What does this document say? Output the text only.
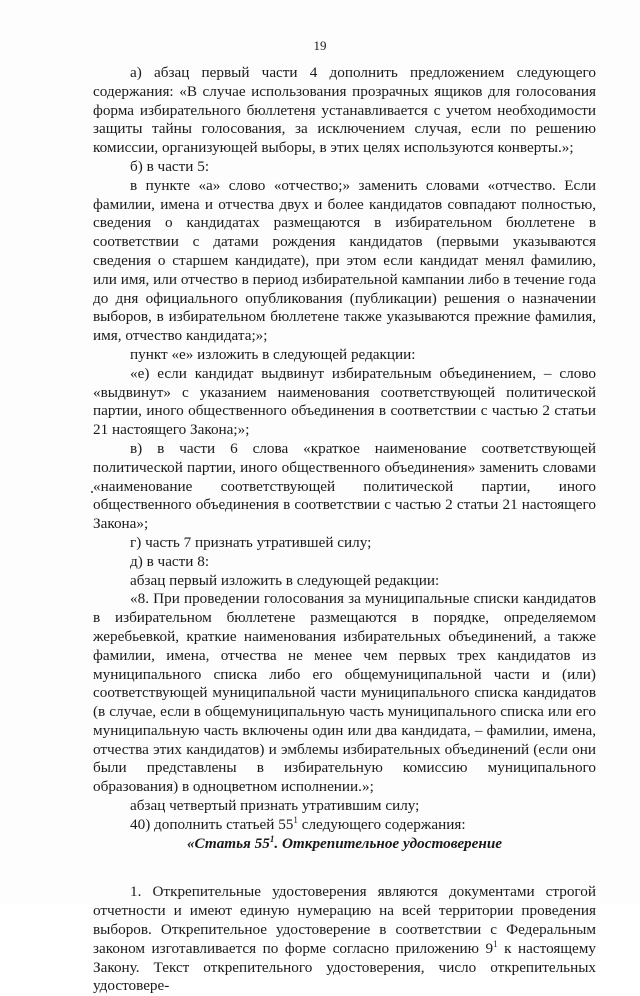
19

а) абзац первый части 4 дополнить предложением следующего содержания: «В случае использования прозрачных ящиков для голосования форма избирательного бюллетеня устанавливается с учетом необходимости защиты тайны голосования, за исключением случая, если по решению комиссии, организующей выборы, в этих целях используются конверты.»;

б) в части 5:

в пункте «а» слово «отчество;» заменить словами «отчество. Если фамилии, имена и отчества двух и более кандидатов совпадают полностью, сведения о кандидатах размещаются в избирательном бюллетене в соответствии с датами рождения кандидатов (первыми указываются сведения о старшем кандидате), при этом если кандидат менял фамилию, или имя, или отчество в период избирательной кампании либо в течение года до дня официального опубликования (публикации) решения о назначении выборов, в избирательном бюллетене также указываются прежние фамилия, имя, отчество кандидата;»;

пункт «е» изложить в следующей редакции:

«е) если кандидат выдвинут избирательным объединением, – слово «выдвинут» с указанием наименования соответствующей политической партии, иного общественного объединения в соответствии с частью 2 статьи 21 настоящего Закона;»;

в) в части 6 слова «краткое наименование соответствующей политической партии, иного общественного объединения» заменить словами «наименование соответствующей политической партии, иного общественного объединения в соответствии с частью 2 статьи 21 настоящего Закона»;

г) часть 7 признать утратившей силу;

д) в части 8:

абзац первый изложить в следующей редакции:

«8. При проведении голосования за муниципальные списки кандидатов в избирательном бюллетене размещаются в порядке, определяемом жеребьевкой, краткие наименования избирательных объединений, а также фамилии, имена, отчества не менее чем первых трех кандидатов из муниципального списка либо его общемуниципальной части и (или) соответствующей муниципальной части муниципального списка кандидатов (в случае, если в общемуниципальную часть муниципального списка или его муниципальную часть включены один или два кандидата, – фамилии, имена, отчества этих кандидатов) и эмблемы избирательных объединений (если они были представлены в избирательную комиссию муниципального образования) в одноцветном исполнении.»;

абзац четвертый признать утратившим силу;

40) дополнить статьей $55^1$ следующего содержания:

«Статья $55^1$. Открепительное удостоверение

1. Открепительные удостоверения являются документами строгой отчетности и имеют единую нумерацию на всей территории проведения выборов. Открепительное удостоверение в соответствии с Федеральным законом изготавливается по форме согласно приложению $9^1$ к настоящему Закону. Текст открепительного удостоверения, число открепительных удостовере-
